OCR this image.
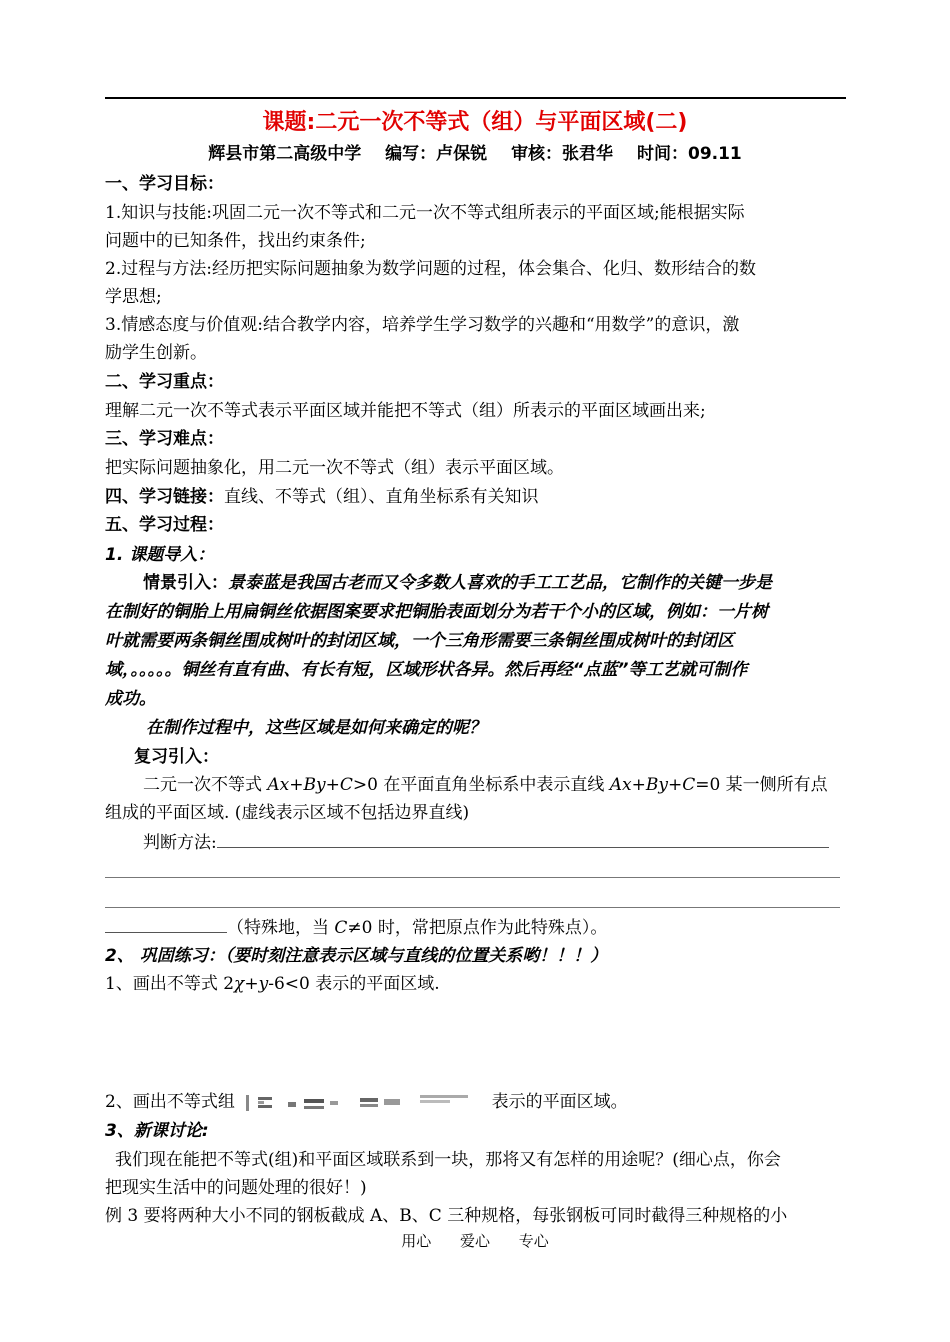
课题:二元一次不等式（组）与平面区域(二)
辉县市第二高级中学 编写：卢保锐 审核：张君华 时间：09.11
一、学习目标：
1.知识与技能:巩固二元一次不等式和二元一次不等式组所表示的平面区域;能根据实际
问题中的已知条件，找出约束条件;
2.过程与方法:经历把实际问题抽象为数学问题的过程，体会集合、化归、数形结合的数
学思想;
3.情感态度与价值观:结合教学内容，培养学生学习数学的兴趣和“用数学”的意识，激
励学生创新。
二、学习重点：
理解二元一次不等式表示平面区域并能把不等式（组）所表示的平面区域画出来;
三、学习难点：
把实际问题抽象化，用二元一次不等式（组）表示平面区域。
四、学习链接：直线、不等式（组）、直角坐标系有关知识
五、学习过程：
1. 课题导入：
情景引入：景泰蓝是我国古老而又令多数人喜欢的手工工艺品，它制作的关键一步是
在制好的铜胎上用扁铜丝依据图案要求把铜胎表面划分为若干个小的区域，例如：一片树
叶就需要两条铜丝围成树叶的封闭区域，一个三角形需要三条铜丝围成树叶的封闭区
域，。。。。。铜丝有直有曲、有长有短，区域形状各异。然后再经“点蓝”等工艺就可制作
成功。
在制作过程中，这些区域是如何来确定的呢？
复习引入：
二元一次不等式 Ax+By+C>0 在平面直角坐标系中表示直线 Ax+By+C=0 某一侧所有点
组成的平面区域. (虚线表示区域不包括边界直线)
判断方法:
（特殊地，当 C≠0 时，常把原点作为此特殊点）。
2、 巩固练习：（要时刻注意表示区域与直线的位置关系哟！！！）
1、画出不等式 2χ+y-6<0 表示的平面区域.
2、画出不等式组	表示的平面区域。
3、新课讨论:
我们现在能把不等式(组)和平面区域联系到一块，那将又有怎样的用途呢？(细心点，你会
把现实生活中的问题处理的很好！)
例 3 要将两种大小不同的钢板截成 A、B、C 三种规格，每张钢板可同时截得三种规格的小
用心 爱心 专心
